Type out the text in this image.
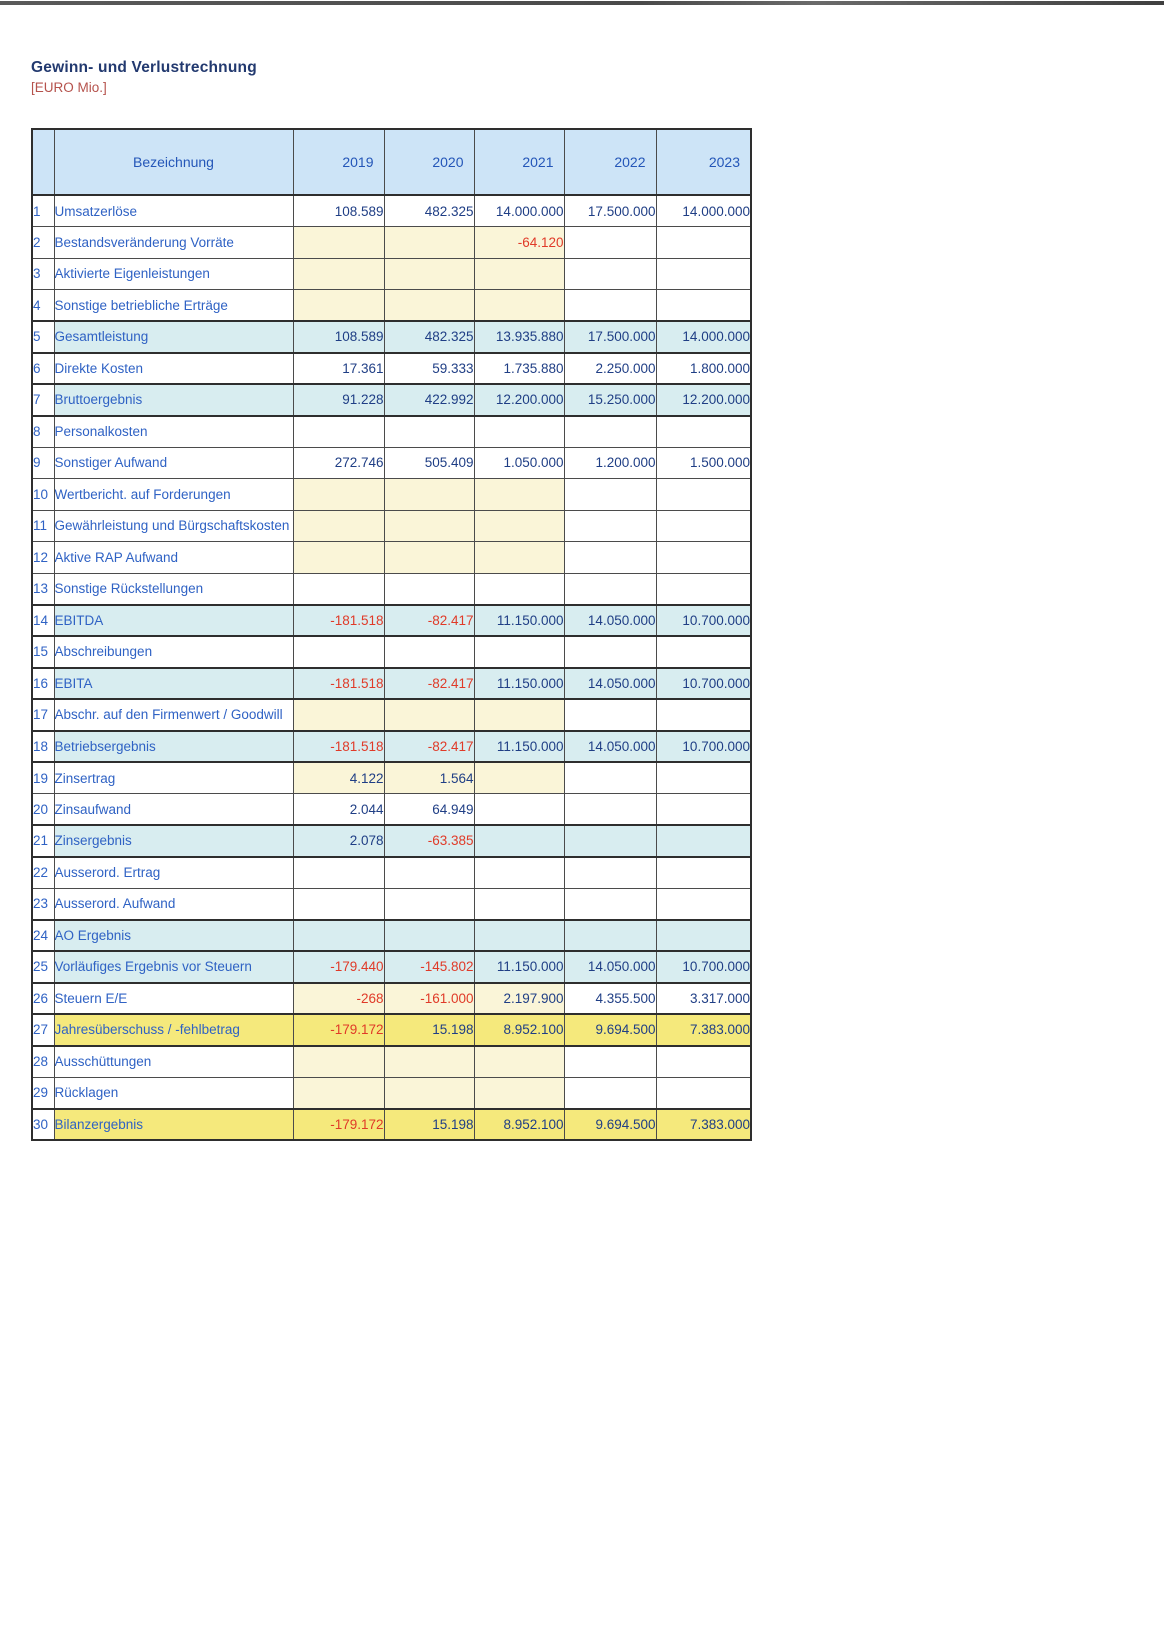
Gewinn- und Verlustrechnung
[EURO Mio.]
	Bezeichnung	2019	2020	2021	2022	2023
1	Umsatzerlöse	108.589	482.325	14.000.000	17.500.000	14.000.000
2	Bestandsveränderung Vorräte			-64.120		
3	Aktivierte Eigenleistungen					
4	Sonstige betriebliche Erträge					
5	Gesamtleistung	108.589	482.325	13.935.880	17.500.000	14.000.000
6	Direkte Kosten	17.361	59.333	1.735.880	2.250.000	1.800.000
7	Bruttoergebnis	91.228	422.992	12.200.000	15.250.000	12.200.000
8	Personalkosten					
9	Sonstiger Aufwand	272.746	505.409	1.050.000	1.200.000	1.500.000
10	Wertbericht. auf Forderungen					
11	Gewährleistung und Bürgschaftskosten					
12	Aktive RAP Aufwand					
13	Sonstige Rückstellungen					
14	EBITDA	-181.518	-82.417	11.150.000	14.050.000	10.700.000
15	Abschreibungen					
16	EBITA	-181.518	-82.417	11.150.000	14.050.000	10.700.000
17	Abschr. auf den Firmenwert / Goodwill					
18	Betriebsergebnis	-181.518	-82.417	11.150.000	14.050.000	10.700.000
19	Zinsertrag	4.122	1.564			
20	Zinsaufwand	2.044	64.949			
21	Zinsergebnis	2.078	-63.385			
22	Ausserord. Ertrag					
23	Ausserord. Aufwand					
24	AO Ergebnis					
25	Vorläufiges Ergebnis vor Steuern	-179.440	-145.802	11.150.000	14.050.000	10.700.000
26	Steuern E/E	-268	-161.000	2.197.900	4.355.500	3.317.000
27	Jahresüberschuss / -fehlbetrag	-179.172	15.198	8.952.100	9.694.500	7.383.000
28	Ausschüttungen					
29	Rücklagen					
30	Bilanzergebnis	-179.172	15.198	8.952.100	9.694.500	7.383.000
